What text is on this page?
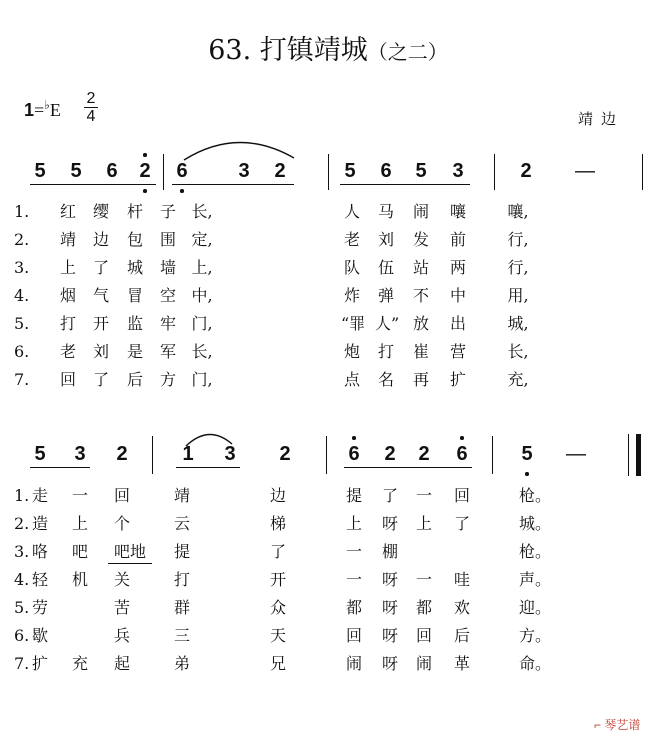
63. 打镇靖城（之二）
1=♭E
2
4	靖边
5 5 6 2 6	3 2	5 6 5 3	2 —
1.	红 缨 杆 子 长,	人 马 闹 嚷	嚷,
2.	靖 边 包 围 定,	老 刘 发 前	行,
3.	上 了 城 墙 上,	队 伍 站 两	行,
4.	烟 气 冒 空 中,	炸 弹 不 中	用,
5.	打 开 监 牢 门,	“罪 人” 放 出	城,
6.	老 刘 是 军 长,	炮 打 崔 营	长,
7.	回 了 后 方 门,	点 名 再 扩	充,
5 3 2	1 3 2	6 2 2 6	5 —
1. 走 一 回	靖	边	提 了 一 回	枪。
2. 造 上 个	云	梯	上 呀 上 了	城。
3. 咯 吧	吧地	提	了	一 棚	枪。
4. 轻 机 关	打	开	一 呀 一 哇	声。
5. 劳	苦	群	众	都 呀 都 欢	迎。
6. 歇	兵	三	天	回 呀 回 后	方。
7. 扩 充 起	弟	兄	闹 呀 闹 革	命。
⌐ 琴艺谱
